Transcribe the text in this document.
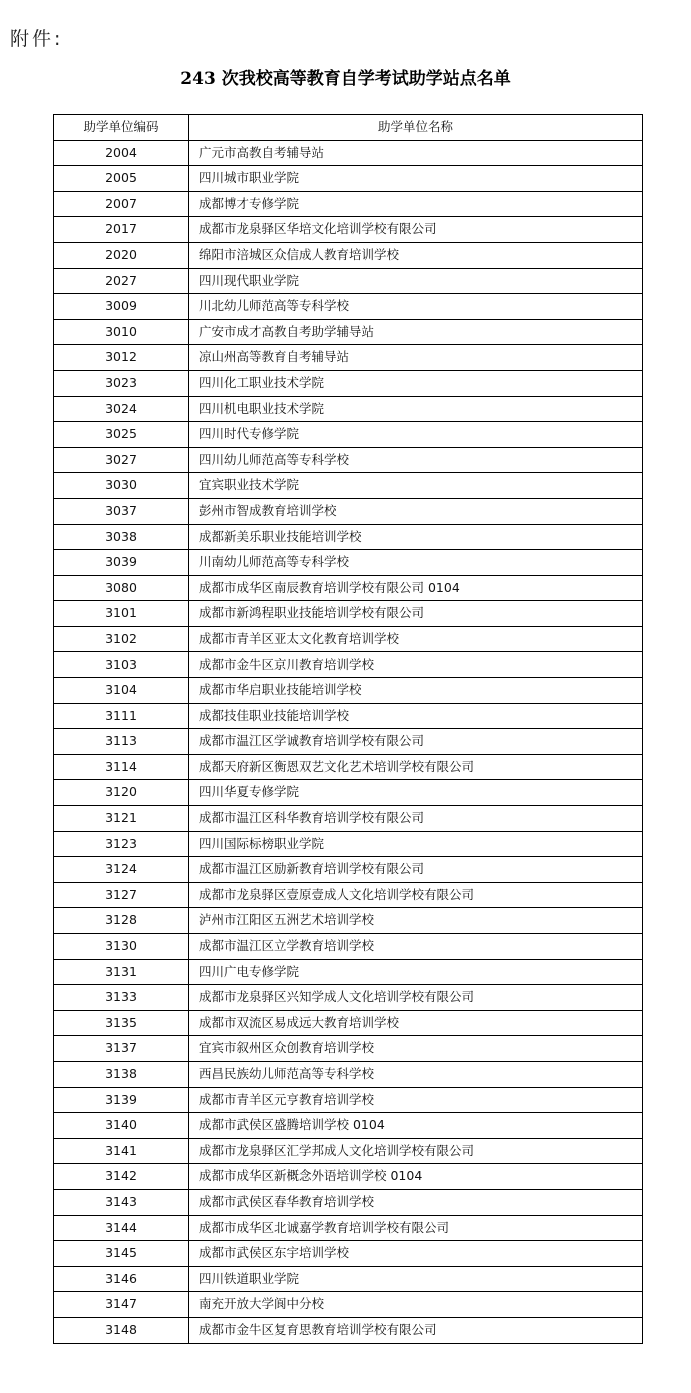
附件:
243 次我校高等教育自学考试助学站点名单
助学单位编码	助学单位名称
2004	广元市高教自考辅导站
2005	四川城市职业学院
2007	成都博才专修学院
2017	成都市龙泉驿区华培文化培训学校有限公司
2020	绵阳市涪城区众信成人教育培训学校
2027	四川现代职业学院
3009	川北幼儿师范高等专科学校
3010	广安市成才高教自考助学辅导站
3012	凉山州高等教育自考辅导站
3023	四川化工职业技术学院
3024	四川机电职业技术学院
3025	四川时代专修学院
3027	四川幼儿师范高等专科学校
3030	宜宾职业技术学院
3037	彭州市智成教育培训学校
3038	成都新美乐职业技能培训学校
3039	川南幼儿师范高等专科学校
3080	成都市成华区南辰教育培训学校有限公司 0104
3101	成都市新鸿程职业技能培训学校有限公司
3102	成都市青羊区亚太文化教育培训学校
3103	成都市金牛区京川教育培训学校
3104	成都市华启职业技能培训学校
3111	成都技佳职业技能培训学校
3113	成都市温江区学诚教育培训学校有限公司
3114	成都天府新区衡恩双艺文化艺术培训学校有限公司
3120	四川华夏专修学院
3121	成都市温江区科华教育培训学校有限公司
3123	四川国际标榜职业学院
3124	成都市温江区励新教育培训学校有限公司
3127	成都市龙泉驿区壹原壹成人文化培训学校有限公司
3128	泸州市江阳区五洲艺术培训学校
3130	成都市温江区立学教育培训学校
3131	四川广电专修学院
3133	成都市龙泉驿区兴知学成人文化培训学校有限公司
3135	成都市双流区易成远大教育培训学校
3137	宜宾市叙州区众创教育培训学校
3138	西昌民族幼儿师范高等专科学校
3139	成都市青羊区元亨教育培训学校
3140	成都市武侯区盛腾培训学校 0104
3141	成都市龙泉驿区汇学邦成人文化培训学校有限公司
3142	成都市成华区新概念外语培训学校 0104
3143	成都市武侯区春华教育培训学校
3144	成都市成华区北诚嘉学教育培训学校有限公司
3145	成都市武侯区东宇培训学校
3146	四川铁道职业学院
3147	南充开放大学阆中分校
3148	成都市金牛区复育思教育培训学校有限公司
